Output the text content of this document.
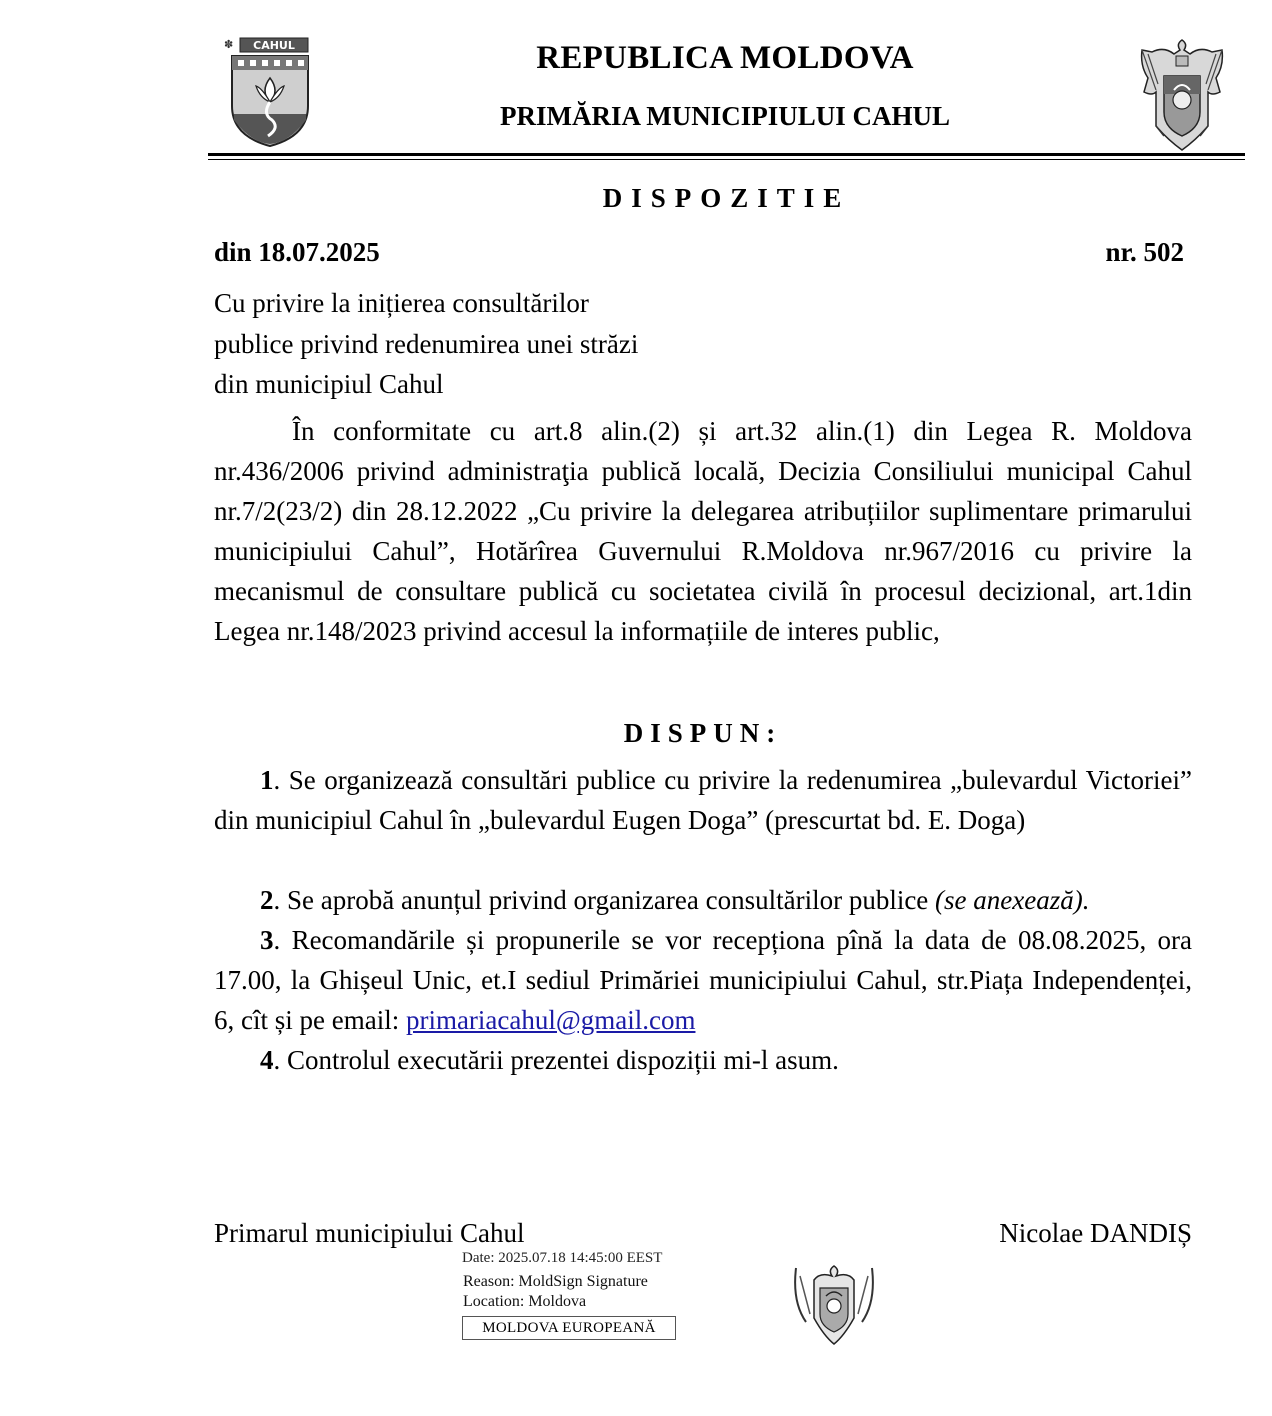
✽ CAHUL	REPUBLICA MOLDOVA
PRIMĂRIA MUNICIPIULUI CAHUL
DISPOZITIE
din 18.07.2025	nr. 502
Cu privire la inițierea consultărilor
publice privind redenumirea unei străzi
din municipiul Cahul
În conformitate cu art.8 alin.(2) și art.32 alin.(1) din Legea R. Moldova nr.436/2006 privind administraţia publică locală, Decizia Consiliului municipal Cahul nr.7/2(23/2) din 28.12.2022 „Cu privire la delegarea atribuțiilor suplimentare primarului municipiului Cahul”, Hotărîrea Guvernului R.Moldova nr.967/2016 cu privire la mecanismul de consultare publică cu societatea civilă în procesul decizional, art.1din Legea nr.148/2023 privind accesul la informațiile de interes public,
DISPUN:
1. Se organizează consultări publice cu privire la redenumirea „bulevardul Victoriei” din municipiul Cahul în „bulevardul Eugen Doga” (prescurtat bd. E. Doga)
2. Se aprobă anunțul privind organizarea consultărilor publice (se anexează).
3. Recomandările și propunerile se vor recepționa pînă la data de 08.08.2025, ora 17.00, la Ghișeul Unic, et.I sediul Primăriei municipiului Cahul, str.Piața Independenței, 6, cît și pe email: primariacahul@gmail.com
4. Controlul executării prezentei dispoziții mi-l asum.
Primarul municipiului Cahul	Nicolae DANDIȘ
Date: 2025.07.18 14:45:00 EEST
Reason: MoldSign Signature
Location: Moldova
MOLDOVA EUROPEANĂ
